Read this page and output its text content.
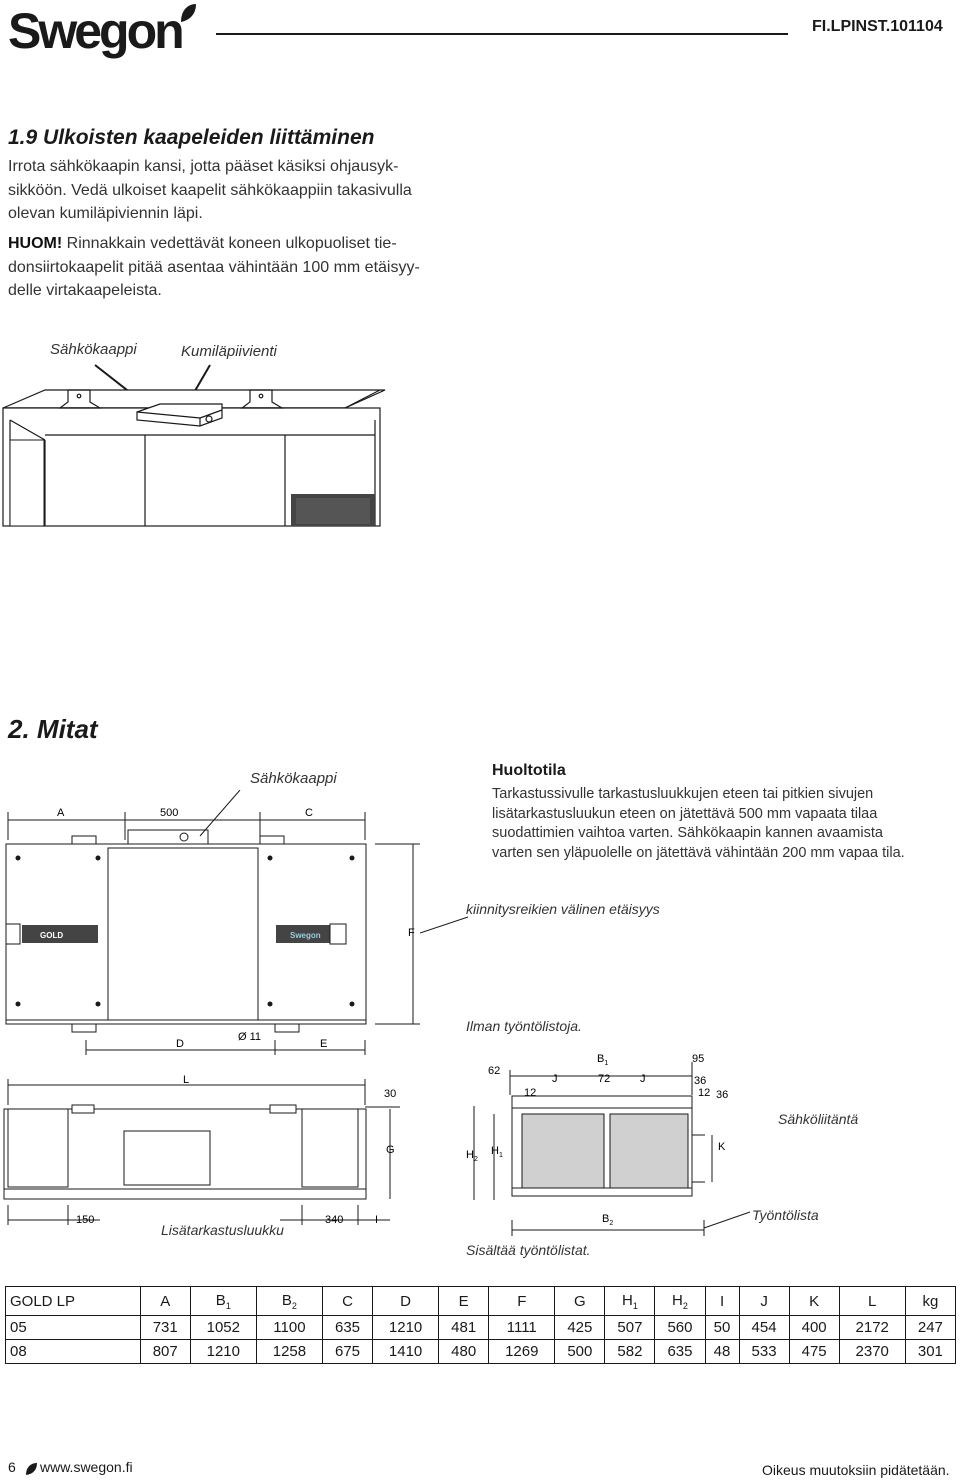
Swegon	FI.LPINST.101104
1.9 Ulkoisten kaapeleiden liittäminen
Irrota sähkökaapin kansi, jotta pääset käsiksi ohjausyk-
sikköön. Vedä ulkoiset kaapelit sähkökaappiin takasivulla
olevan kumiläpiviennin läpi.
HUOM! Rinnakkain vedettävät koneen ulkopuoliset tie-
donsiirtokaapelit pitää asentaa vähintään 100 mm etäisyy-
delle virtakaapeleista.
Sähkökaappi	Kumiläpiivienti
2. Mitat
Huoltotila
Tarkastussivulle tarkastusluukkujen eteen tai pitkien sivujen
lisätarkastusluukun eteen on jätettävä 500 mm vapaata tilaa
suodattimien vaihtoa varten. Sähkökaapin kannen avaamista
varten sen yläpuolelle on jätettävä vähintään 200 mm vapaa tila.
Sähkökaappi
GOLD	Swegon
A	500	C
F
Ø 11
D	E
kiinnitysreikien välinen etäisyys
Ilman työntölistoja.
L
30
G
150	340	I
Lisätarkastusluukku
62
12
J
$B_1$
72	J
95
36
12 36
$H_2$
$H_1$
K
Sähköliitäntä
$B_2$
Työntölista
Sisältää työntölistat.
GOLD LP	A	$B_1$	$B_2$	C	D	E	F	G	$H_1$	$H_2$	I	J	K	L	kg
05	731	1052	1100	635	1210	481	1111	425	507	560	50	454	400	2172	247
08	807	1210	1258	675	1410	480	1269	500	582	635	48	533	475	2370	301
6 www.swegon.fi	Oikeus muutoksiin pidätetään.
